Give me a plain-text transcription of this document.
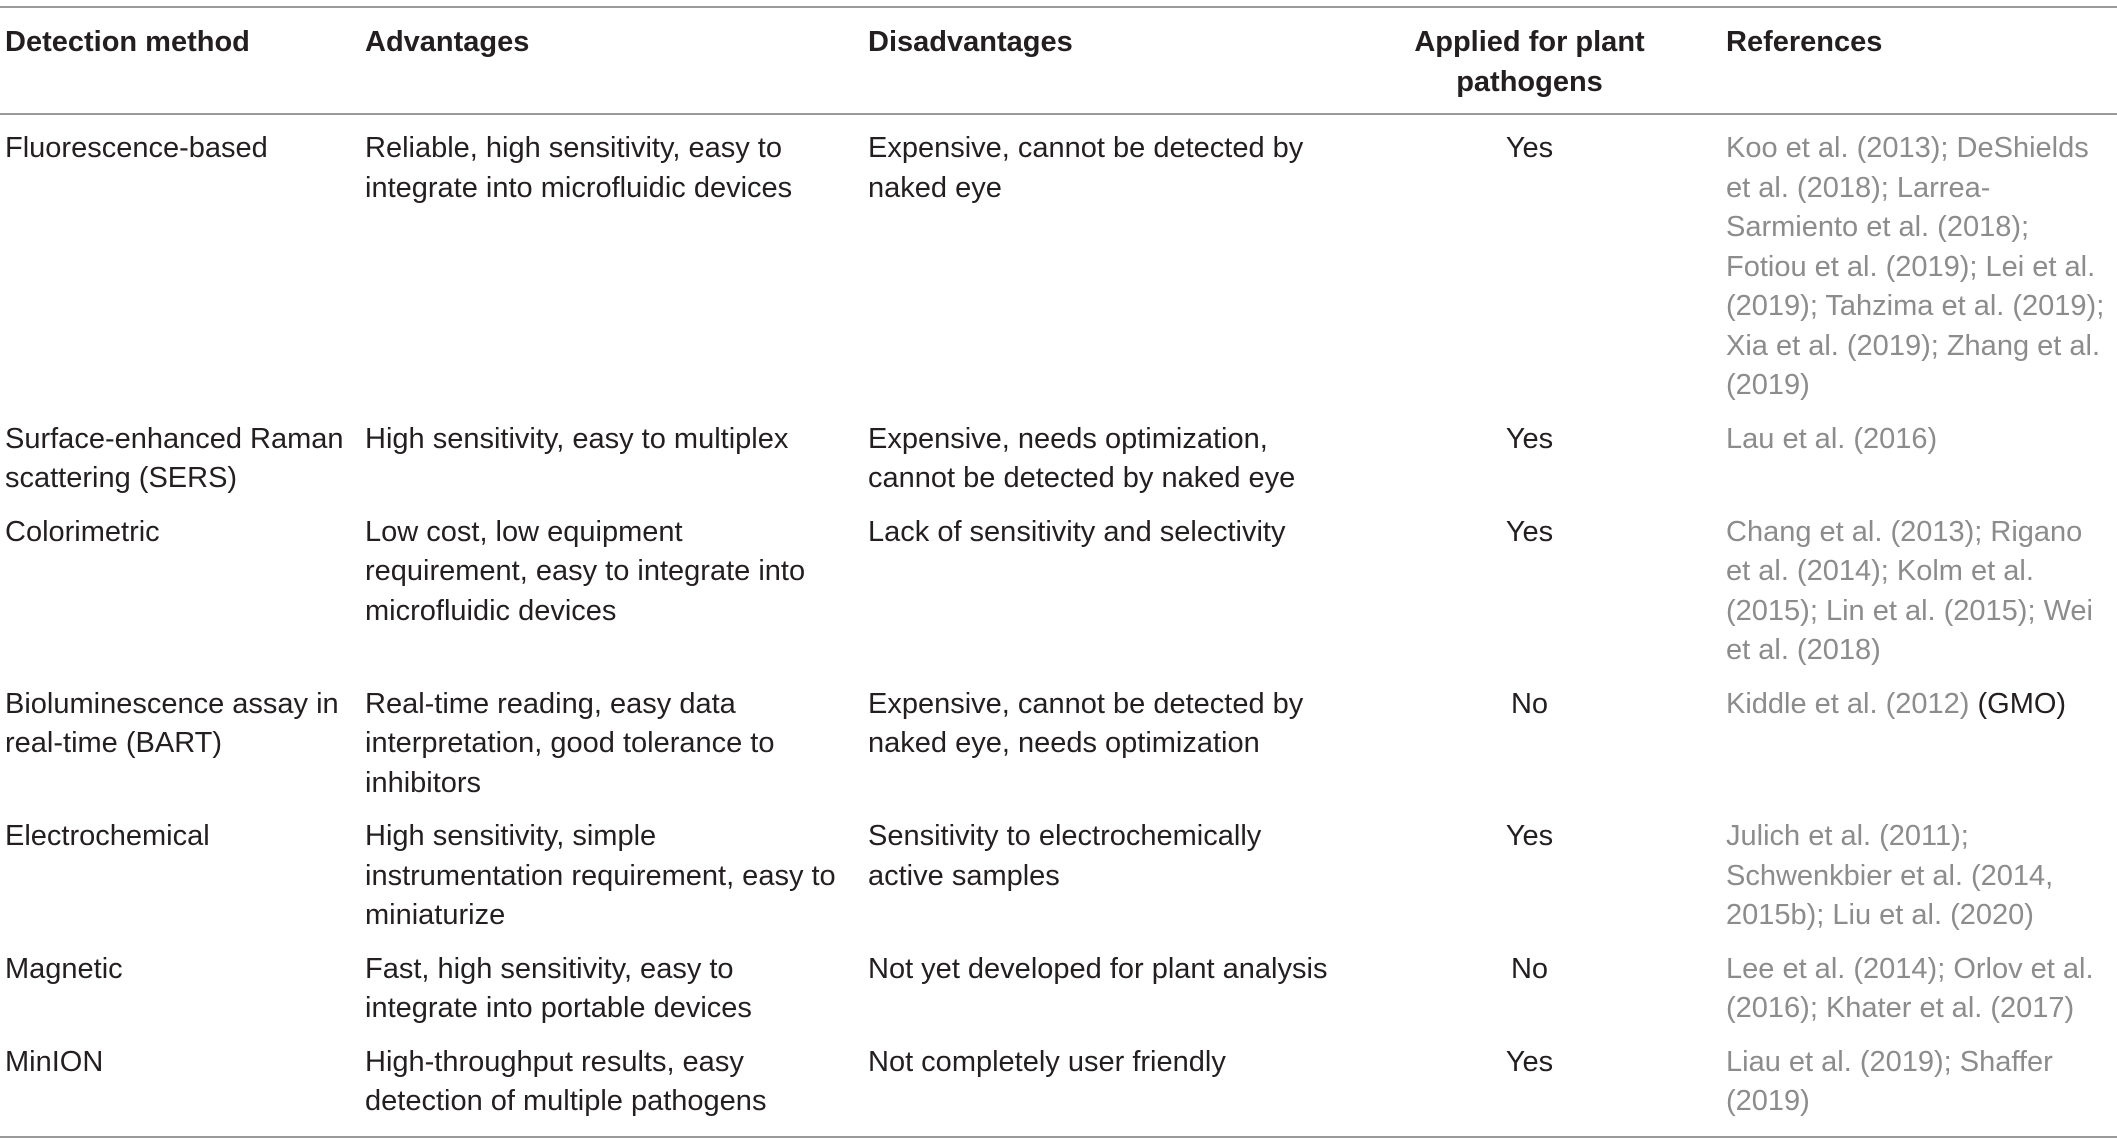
Detection method	Advantages	Disadvantages	Applied for plant pathogens	References
Fluorescence-based	Reliable, high sensitivity, easy to integrate into microfluidic devices	Expensive, cannot be detected by naked eye	Yes	Koo et al. (2013); DeShields et al. (2018); Larrea-Sarmiento et al. (2018); Fotiou et al. (2019); Lei et al. (2019); Tahzima et al. (2019); Xia et al. (2019); Zhang et al. (2019)
Surface-enhanced Raman scattering (SERS)	High sensitivity, easy to multiplex	Expensive, needs optimization, cannot be detected by naked eye	Yes	Lau et al. (2016)
Colorimetric	Low cost, low equipment requirement, easy to integrate into microfluidic devices	Lack of sensitivity and selectivity	Yes	Chang et al. (2013); Rigano et al. (2014); Kolm et al. (2015); Lin et al. (2015); Wei et al. (2018)
Bioluminescence assay in real-time (BART)	Real-time reading, easy data interpretation, good tolerance to inhibitors	Expensive, cannot be detected by naked eye, needs optimization	No	Kiddle et al. (2012) (GMO)
Electrochemical	High sensitivity, simple instrumentation requirement, easy to miniaturize	Sensitivity to electrochemically active samples	Yes	Julich et al. (2011); Schwenkbier et al. (2014, 2015b); Liu et al. (2020)
Magnetic	Fast, high sensitivity, easy to integrate into portable devices	Not yet developed for plant analysis	No	Lee et al. (2014); Orlov et al. (2016); Khater et al. (2017)
MinION	High-throughput results, easy detection of multiple pathogens	Not completely user friendly	Yes	Liau et al. (2019); Shaffer (2019)
